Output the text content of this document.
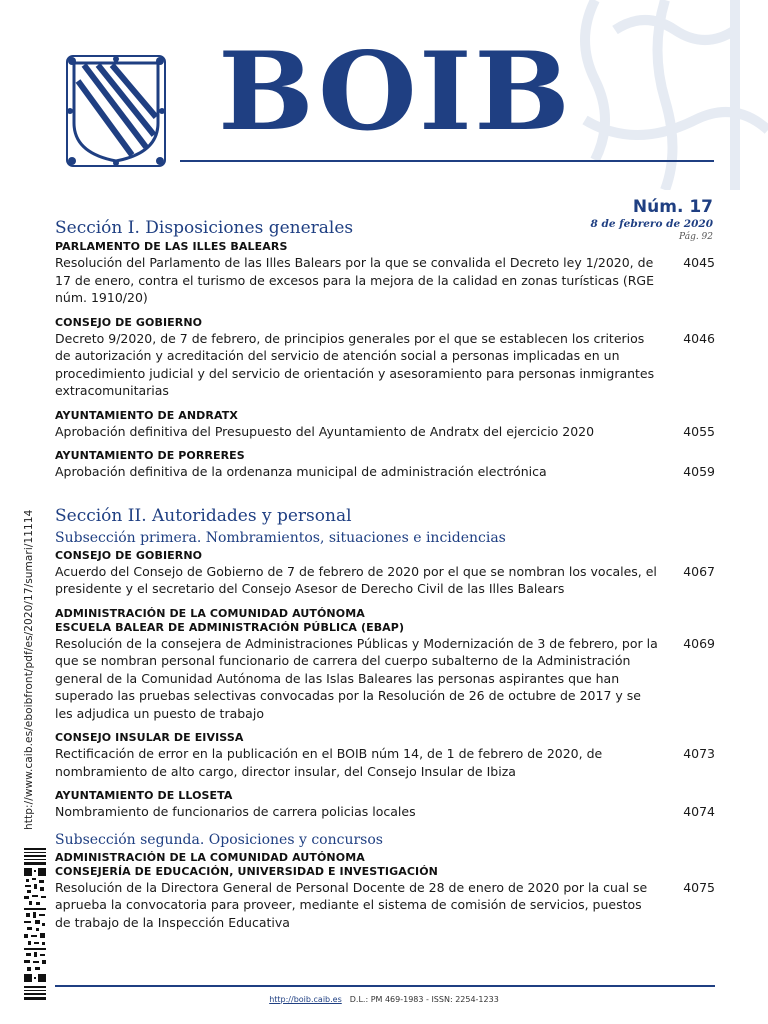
BOIB
Núm. 17
8 de febrero de 2020
Pág. 92
http://www.caib.es/eboibfront/pdf/es/2020/17/sumari/11114
Sección I. Disposiciones generales
PARLAMENTO DE LAS ILLES BALEARS
Resolución del Parlamento de las Illes Balears por la que se convalida el Decreto ley 1/2020, de 17 de enero, contra el turismo de excesos para la mejora de la calidad en zonas turísticas (RGE núm. 1910/20)
4045
CONSEJO DE GOBIERNO
Decreto 9/2020, de 7 de febrero, de principios generales por el que se establecen los criterios de autorización y acreditación del servicio de atención social a personas implicadas en un procedimiento judicial y del servicio de orientación y asesoramiento para personas inmigrantes extracomunitarias
4046
AYUNTAMIENTO DE ANDRATX
Aprobación definitiva del Presupuesto del Ayuntamiento de Andratx del ejercicio 2020	4055
AYUNTAMIENTO DE PORRERES
Aprobación definitiva de la ordenanza municipal de administración electrónica	4059
Sección II. Autoridades y personal
Subsección primera. Nombramientos, situaciones e incidencias
CONSEJO DE GOBIERNO
Acuerdo del Consejo de Gobierno de 7 de febrero de 2020 por el que se nombran los vocales, el presidente y el secretario del Consejo Asesor de Derecho Civil de las Illes Balears
4067
ADMINISTRACIÓN DE LA COMUNIDAD AUTÓNOMA
ESCUELA BALEAR DE ADMINISTRACIÓN PÚBLICA (EBAP)
Resolución de la consejera de Administraciones Públicas y Modernización de 3 de febrero, por la que se nombran personal funcionario de carrera del cuerpo subalterno de la Administración general de la Comunidad Autónoma de las Islas Baleares las personas aspirantes que han superado las pruebas selectivas convocadas por la Resolución de 26 de octubre de 2017 y se les adjudica un puesto de trabajo
4069
CONSEJO INSULAR DE EIVISSA
Rectificación de error en la publicación en el BOIB núm 14, de 1 de febrero de 2020, de nombramiento de alto cargo, director insular, del Consejo Insular de Ibiza
4073
AYUNTAMIENTO DE LLOSETA
Nombramiento de funcionarios de carrera policias locales	4074
Subsección segunda. Oposiciones y concursos
ADMINISTRACIÓN DE LA COMUNIDAD AUTÓNOMA
CONSEJERÍA DE EDUCACIÓN, UNIVERSIDAD E INVESTIGACIÓN
Resolución de la Directora General de Personal Docente de 28 de enero de 2020 por la cual se aprueba la convocatoria para proveer, mediante el sistema de comisión de servicios, puestos de trabajo de la Inspección Educativa
4075
http://boib.caib.es D.L.: PM 469-1983 - ISSN: 2254-1233
